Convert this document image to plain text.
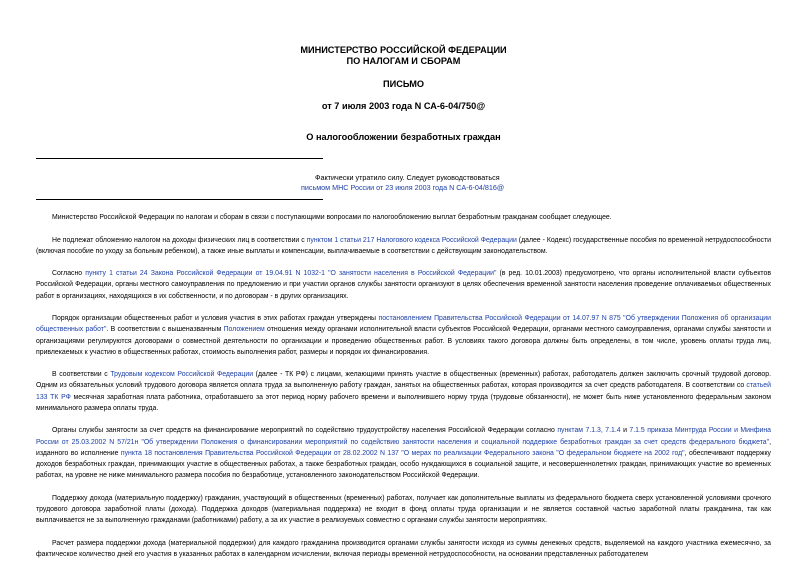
МИНИСТЕРСТВО РОССИЙСКОЙ ФЕДЕРАЦИИ
ПО НАЛОГАМ И СБОРАМ
ПИСЬМО
от 7 июля 2003 года N СА-6-04/750@
О налогообложении безработных граждан
Фактически утратило силу. Следует руководствоваться
письмом МНС России от 23 июля 2003 года N СА-6-04/816@

Министерство Российской Федерации по налогам и сборам в связи с поступающими вопросами по налогообложению выплат безработным гражданам сообщает следующее.

Не подлежат обложению налогом на доходы физических лиц в соответствии с пунктом 1 статьи 217 Налогового кодекса Российской Федерации (далее - Кодекс) государственные пособия по временной нетрудоспособности (включая пособие по уходу за больным ребенком), а также иные выплаты и компенсации, выплачиваемые в соответствии с действующим законодательством.

Согласно пункту 1 статьи 24 Закона Российской Федерации от 19.04.91 N 1032-1 "О занятости населения в Российской Федерации" (в ред. 10.01.2003) предусмотрено, что органы исполнительной власти субъектов Российской Федерации, органы местного самоуправления по предложению и при участии органов службы занятости организуют в целях обеспечения временной занятости населения проведение оплачиваемых общественных работ в организациях, находящихся в их собственности, и по договорам - в других организациях.

Порядок организации общественных работ и условия участия в этих работах граждан утверждены постановлением Правительства Российской Федерации от 14.07.97 N 875 "Об утверждении Положения об организации общественных работ". В соответствии с вышеназванным Положением отношения между органами исполнительной власти субъектов Российской Федерации, органами местного самоуправления, органами службы занятости и организациями регулируются договорами о совместной деятельности по организации и проведению общественных работ. В условиях такого договора должны быть определены, в том числе, уровень оплаты труда лиц, привлекаемых к участию в общественных работах, стоимость выполнения работ, размеры и порядок их финансирования.

В соответствии с Трудовым кодексом Российской Федерации (далее - ТК РФ) с лицами, желающими принять участие в общественных (временных) работах, работодатель должен заключить срочный трудовой договор. Одним из обязательных условий трудового договора является оплата труда за выполненную работу граждан, занятых на общественных работах, которая производится за счет средств работодателя. В соответствии со статьей 133 ТК РФ месячная заработная плата работника, отработавшего за этот период норму рабочего времени и выполнившего норму труда (трудовые обязанности), не может быть ниже установленного федеральным законом минимального размера оплаты труда.

Органы службы занятости за счет средств на финансирование мероприятий по содействию трудоустройству населения Российской Федерации согласно пунктам 7.1.3, 7.1.4 и 7.1.5 приказа Минтруда России и Минфина России от 25.03.2002 N 57/21н "Об утверждении Положения о финансировании мероприятий по содействию занятости населения и социальной поддержке безработных граждан за счет средств федерального бюджета", изданного во исполнение пункта 18 постановления Правительства Российской Федерации от 28.02.2002 N 137 "О мерах по реализации Федерального закона "О федеральном бюджете на 2002 год", обеспечивают поддержку доходов безработных граждан, принимающих участие в общественных работах, а также безработных граждан, особо нуждающихся в социальной защите, и несовершеннолетних граждан, принимающих участие во временных работах, на уровне не ниже минимального размера пособия по безработице, установленного законодательством Российской Федерации.

Поддержку дохода (материальную поддержку) гражданин, участвующий в общественных (временных) работах, получает как дополнительные выплаты из федерального бюджета сверх установленной условиями срочного трудового договора заработной платы (дохода). Поддержка доходов (материальная поддержка) не входит в фонд оплаты труда организации и не является составной частью заработной платы гражданина, так как выплачивается не за выполненную гражданами (работниками) работу, а за их участие в реализуемых совместно с органами службы занятости мероприятиях.

Расчет размера поддержки дохода (материальной поддержки) для каждого гражданина производится органами службы занятости исходя из суммы денежных средств, выделяемой на каждого участника ежемесячно, за фактическое количество дней его участия в указанных работах в календарном исчислении, включая периоды временной нетрудоспособности, на основании представленных работодателем
